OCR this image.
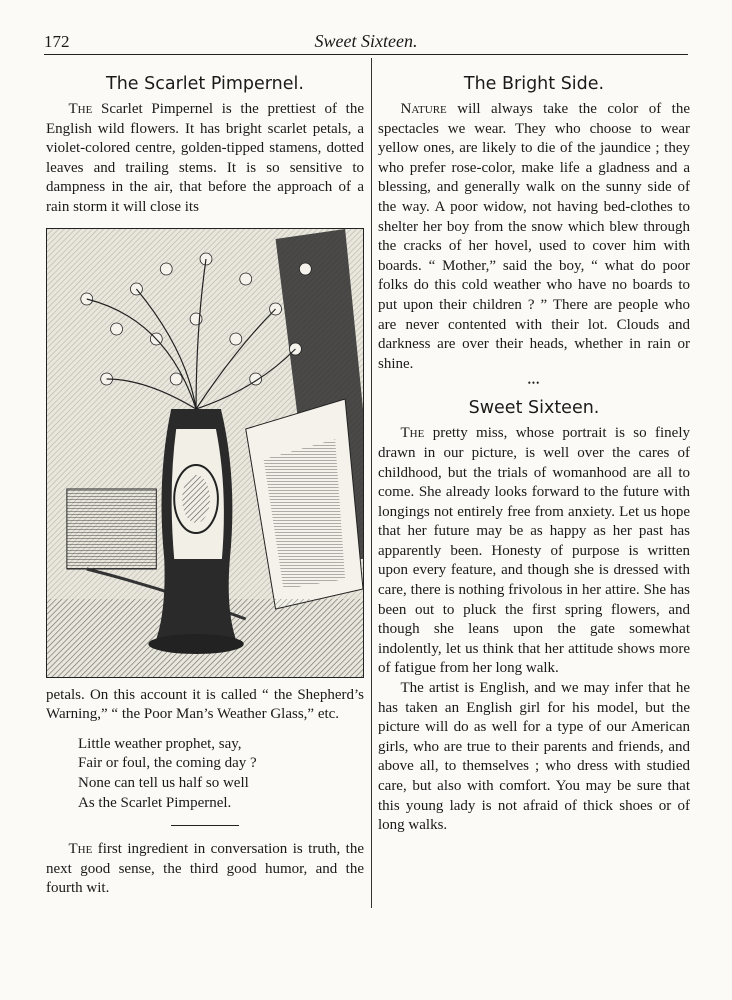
172	Sweet Sixteen.
The Scarlet Pimpernel.

The Scarlet Pimpernel is the prettiest of the English wild flowers. It has bright scarlet petals, a violet-colored centre, golden-tipped stamens, dotted leaves and trailing stems. It is so sensitive to dampness in the air, that before the approach of a rain storm it will close its

petals. On this account it is called “ the Shepherd’s Warning,” “ the Poor Man’s Weather Glass,” etc.

Little weather prophet, say,
Fair or foul, the coming day ?
None can tell us half so well
As the Scarlet Pimpernel.

The first ingredient in conversation is truth, the next good sense, the third good humor, and the fourth wit.

The Bright Side.

Nature will always take the color of the spectacles we wear. They who choose to wear yellow ones, are likely to die of the jaundice ; they who prefer rose-color, make life a gladness and a blessing, and generally walk on the sunny side of the way. A poor widow, not having bed-clothes to shelter her boy from the snow which blew through the cracks of her hovel, used to cover him with boards. “ Mother,” said the boy, “ what do poor folks do this cold weather who have no boards to put upon their children ? ” There are people who are never contented with their lot. Clouds and darkness are over their heads, whether in rain or shine.

•••
Sweet Sixteen.

The pretty miss, whose portrait is so finely drawn in our picture, is well over the cares of childhood, but the trials of womanhood are all to come. She already looks forward to the future with longings not entirely free from anxiety. Let us hope that her future may be as happy as her past has apparently been. Honesty of purpose is written upon every feature, and though she is dressed with care, there is nothing frivolous in her attire. She has been out to pluck the first spring flowers, and though she leans upon the gate somewhat indolently, let us think that her attitude shows more of fatigue from her long walk.

The artist is English, and we may infer that he has taken an English girl for his model, but the picture will do as well for a type of our American girls, who are true to their parents and friends, and above all, to themselves ; who dress with studied care, but also with comfort. You may be sure that this young lady is not afraid of thick shoes or of long walks.
